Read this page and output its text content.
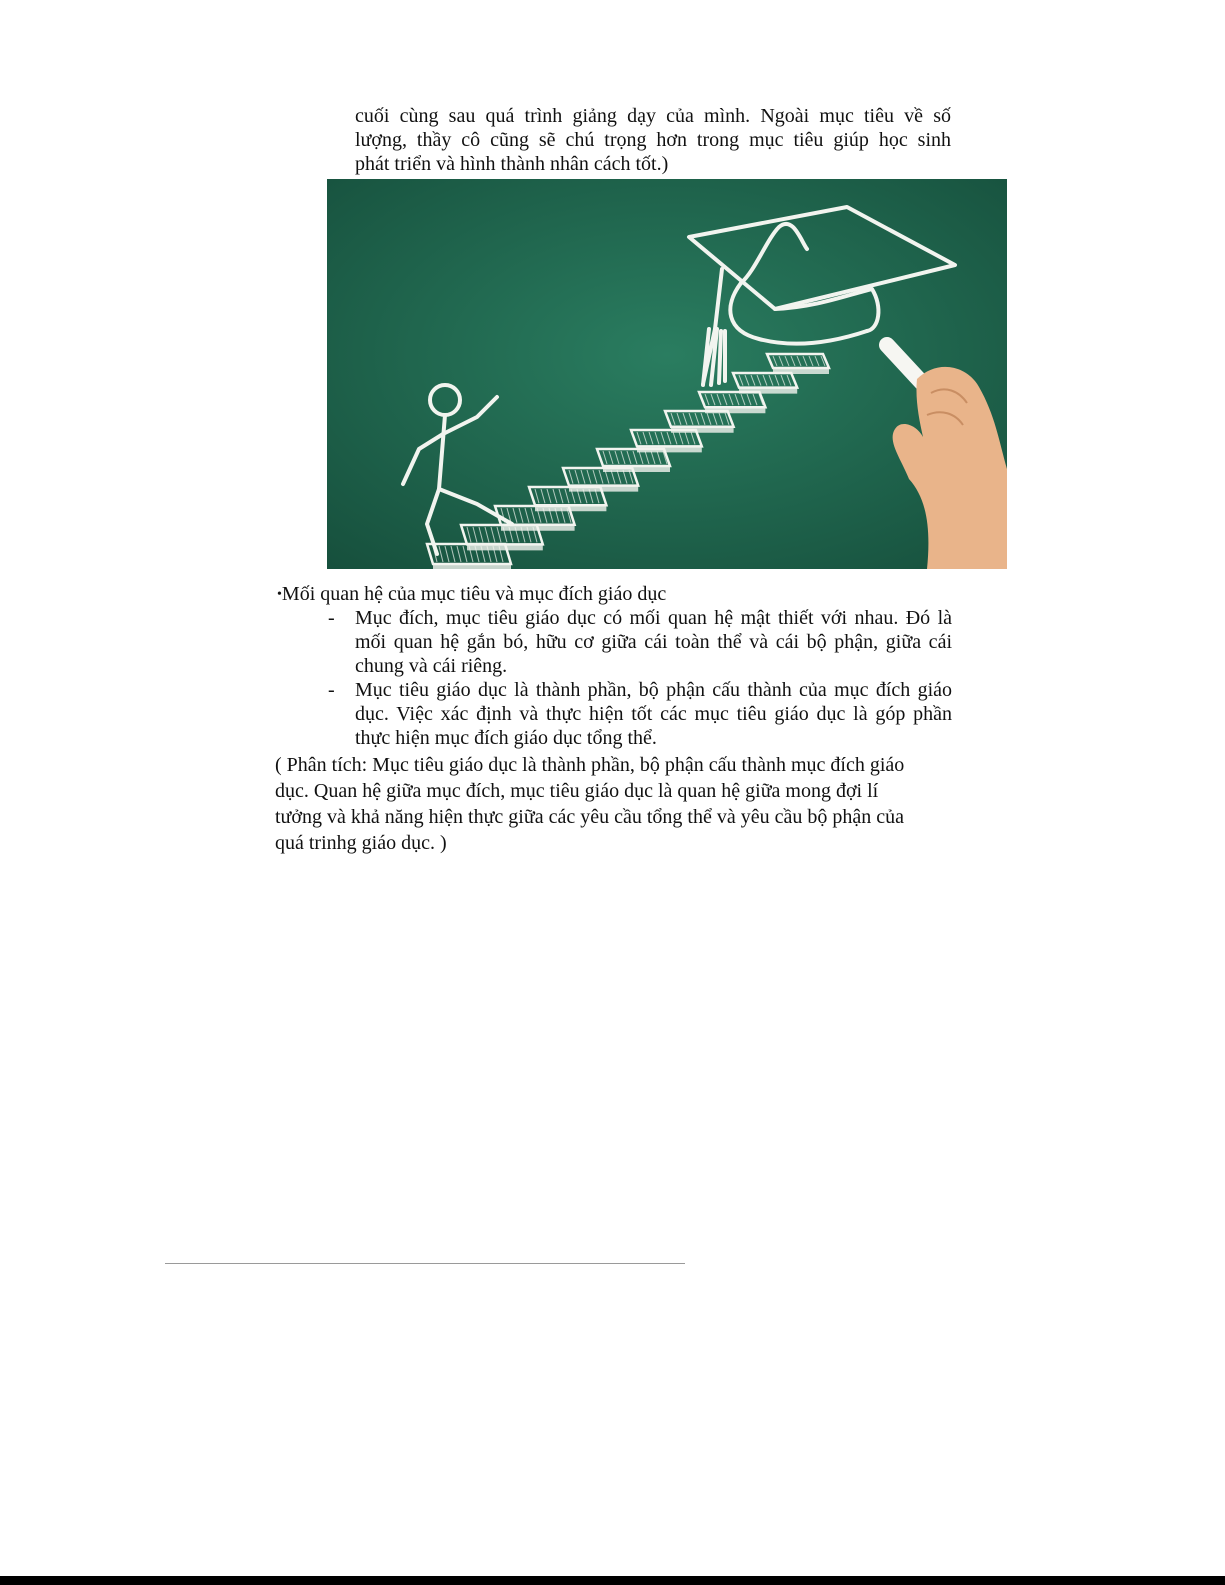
cuối cùng sau quá trình giảng dạy của mình. Ngoài mục tiêu về số
lượng, thầy cô cũng sẽ chú trọng hơn trong mục tiêu giúp học sinh
phát triển và hình thành nhân cách tốt.)

•Mối quan hệ của mục tiêu và mục đích giáo dục

- Mục đích, mục tiêu giáo dục có mối quan hệ mật thiết với nhau. Đó là
mối quan hệ gắn bó, hữu cơ giữa cái toàn thể và cái bộ phận, giữa cái
chung và cái riêng.
- Mục tiêu giáo dục là thành phần, bộ phận cấu thành của mục đích giáo
dục. Việc xác định và thực hiện tốt các mục tiêu giáo dục là góp phần
thực hiện mục đích giáo dục tổng thể.

( Phân tích: Mục tiêu giáo dục là thành phần, bộ phận cấu thành mục đích giáo
dục. Quan hệ giữa mục đích, mục tiêu giáo dục là quan hệ giữa mong đợi lí
tưởng và khả năng hiện thực giữa các yêu cầu tổng thể và yêu cầu bộ phận của
quá trinhg giáo dục. )
